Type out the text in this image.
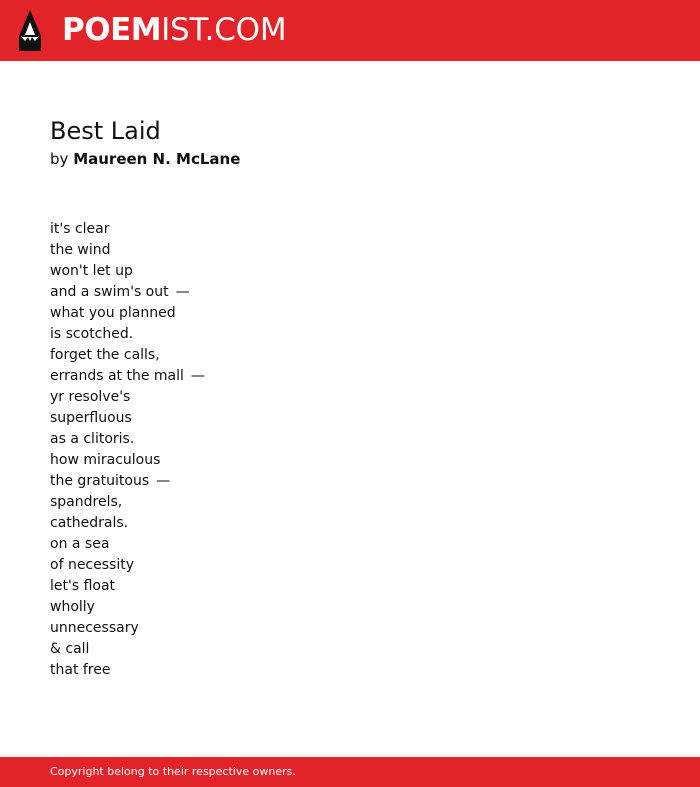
POEMIST.COM
Best Laid
by Maureen N. McLane
it's clear
the wind
won't let up
and a swim's out —
what you planned
is scotched.
forget the calls,
errands at the mall —
yr resolve's
superfluous
as a clitoris.
how miraculous
the gratuitous —
spandrels,
cathedrals.
on a sea
of necessity
let's float
wholly
unnecessary
& call
that free
Copyright belong to their respective owners.
